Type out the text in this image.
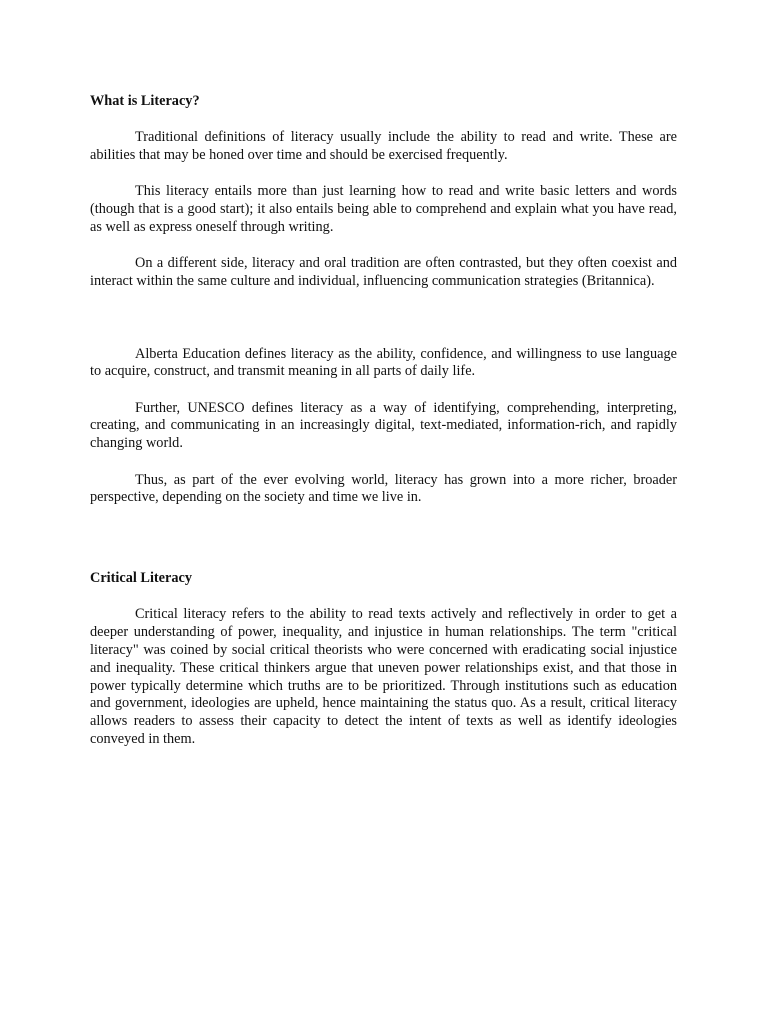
What is Literacy?

Traditional definitions of literacy usually include the ability to read and write. These are abilities that may be honed over time and should be exercised frequently.

This literacy entails more than just learning how to read and write basic letters and words (though that is a good start); it also entails being able to comprehend and explain what you have read, as well as express oneself through writing.

On a different side, literacy and oral tradition are often contrasted, but they often coexist and interact within the same culture and individual, influencing communication strategies (Britannica).

Alberta Education defines literacy as the ability, confidence, and willingness to use language to acquire, construct, and transmit meaning in all parts of daily life.

Further, UNESCO defines literacy as a way of identifying, comprehending, interpreting, creating, and communicating in an increasingly digital, text-mediated, information-rich, and rapidly changing world.

Thus, as part of the ever evolving world, literacy has grown into a more richer, broader perspective, depending on the society and time we live in.

Critical Literacy

Critical literacy refers to the ability to read texts actively and reflectively in order to get a deeper understanding of power, inequality, and injustice in human relationships. The term "critical literacy" was coined by social critical theorists who were concerned with eradicating social injustice and inequality. These critical thinkers argue that uneven power relationships exist, and that those in power typically determine which truths are to be prioritized. Through institutions such as education and government, ideologies are upheld, hence maintaining the status quo. As a result, critical literacy allows readers to assess their capacity to detect the intent of texts as well as identify ideologies conveyed in them.
